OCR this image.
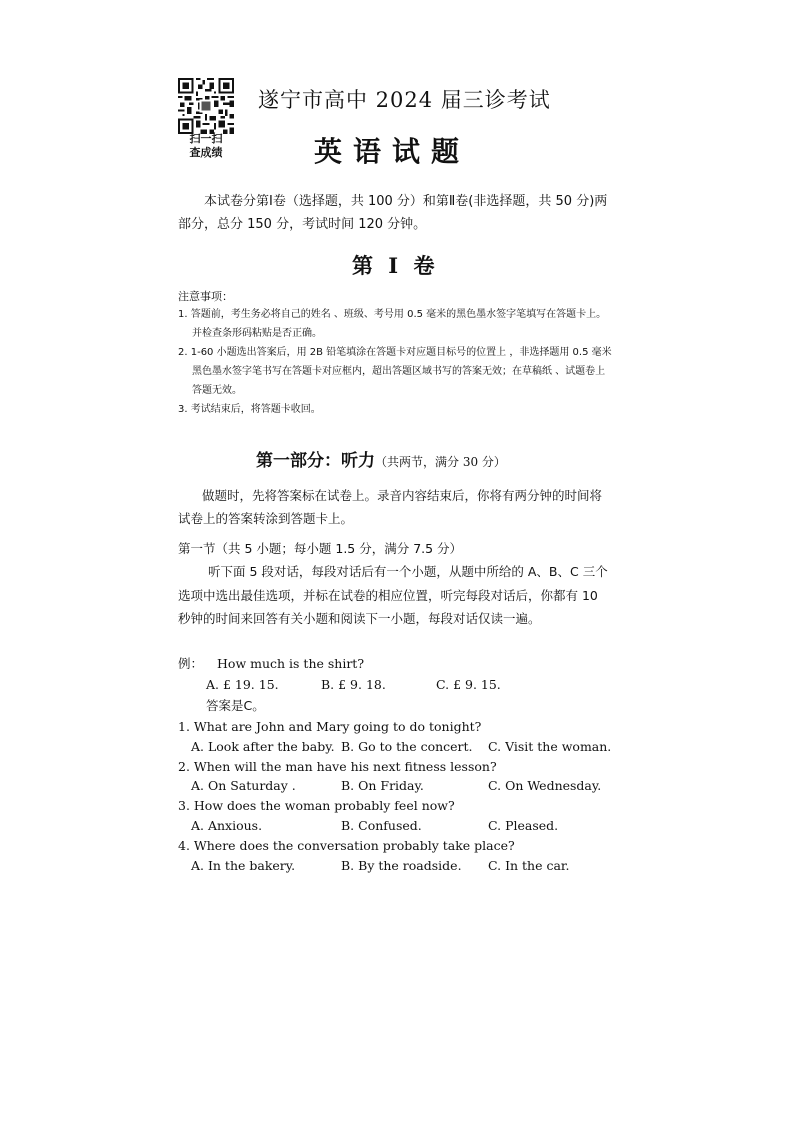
扫一扫
查成绩
遂宁市高中 2024 届三诊考试
英语试题
本试卷分第Ⅰ卷（选择题，共 100 分）和第Ⅱ卷(非选择题，共 50 分)两部分，总分 150 分，考试时间 120 分钟。
第 Ⅰ 卷
注意事项：
1. 答题前，考生务必将自己的姓名 、班级、考号用 0.5 毫米的黑色墨水签字笔填写在答题卡上。并检查条形码粘贴是否正确。
2. 1-60 小题选出答案后，用 2B 铅笔填涂在答题卡对应题目标号的位置上 ，非选择题用 0.5 毫米黑色墨水签字笔书写在答题卡对应框内，超出答题区域书写的答案无效；在草稿纸 、试题卷上答题无效。
3. 考试结束后，将答题卡收回。
第一部分：听力（共两节，满分 30 分）
做题时，先将答案标在试卷上。录音内容结束后，你将有两分钟的时间将试卷上的答案转涂到答题卡上。
第一节（共 5 小题；每小题 1.5 分，满分 7.5 分）
听下面 5 段对话，每段对话后有一个小题，从题中所给的 A、B、C 三个选项中选出最佳选项，并标在试卷的相应位置，听完每段对话后，你都有 10 秒钟的时间来回答有关小题和阅读下一小题，每段对话仅读一遍。
例： How much is the shirt?
A. £ 19. 15.	B. £ 9. 18.	C. £ 9. 15.
答案是C。
1. What are John and Mary going to do tonight?
A. Look after the baby. B. Go to the concert.	C. Visit the woman.
2. When will the man have his next fitness lesson?
A. On Saturday .	B. On Friday.	C. On Wednesday.
3. How does the woman probably feel now?
A. Anxious.	B. Confused.	C. Pleased.
4. Where does the conversation probably take place?
A. In the bakery.	B. By the roadside.	C. In the car.
